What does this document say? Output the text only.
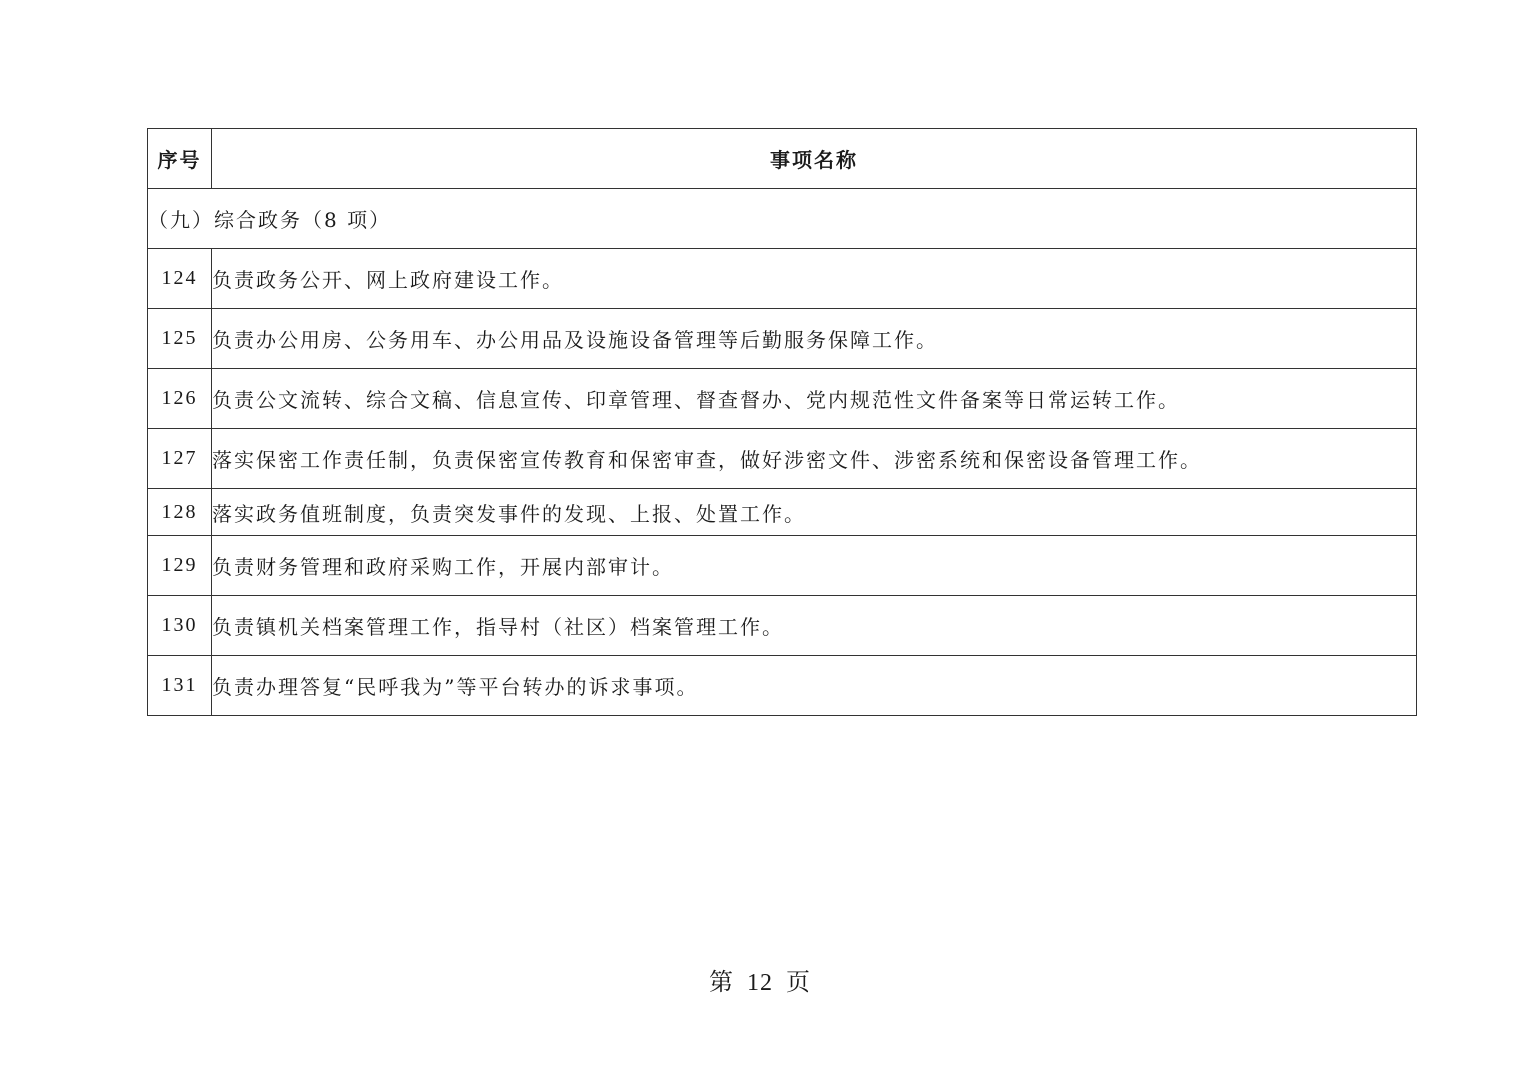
序号	事项名称
（九）综合政务（8 项）	
124	负责政务公开、网上政府建设工作。
125	负责办公用房、公务用车、办公用品及设施设备管理等后勤服务保障工作。
126	负责公文流转、综合文稿、信息宣传、印章管理、督查督办、党内规范性文件备案等日常运转工作。
127	落实保密工作责任制，负责保密宣传教育和保密审查，做好涉密文件、涉密系统和保密设备管理工作。
128	落实政务值班制度，负责突发事件的发现、上报、处置工作。
129	负责财务管理和政府采购工作，开展内部审计。
130	负责镇机关档案管理工作，指导村（社区）档案管理工作。
131	负责办理答复“民呼我为”等平台转办的诉求事项。
第 12 页
